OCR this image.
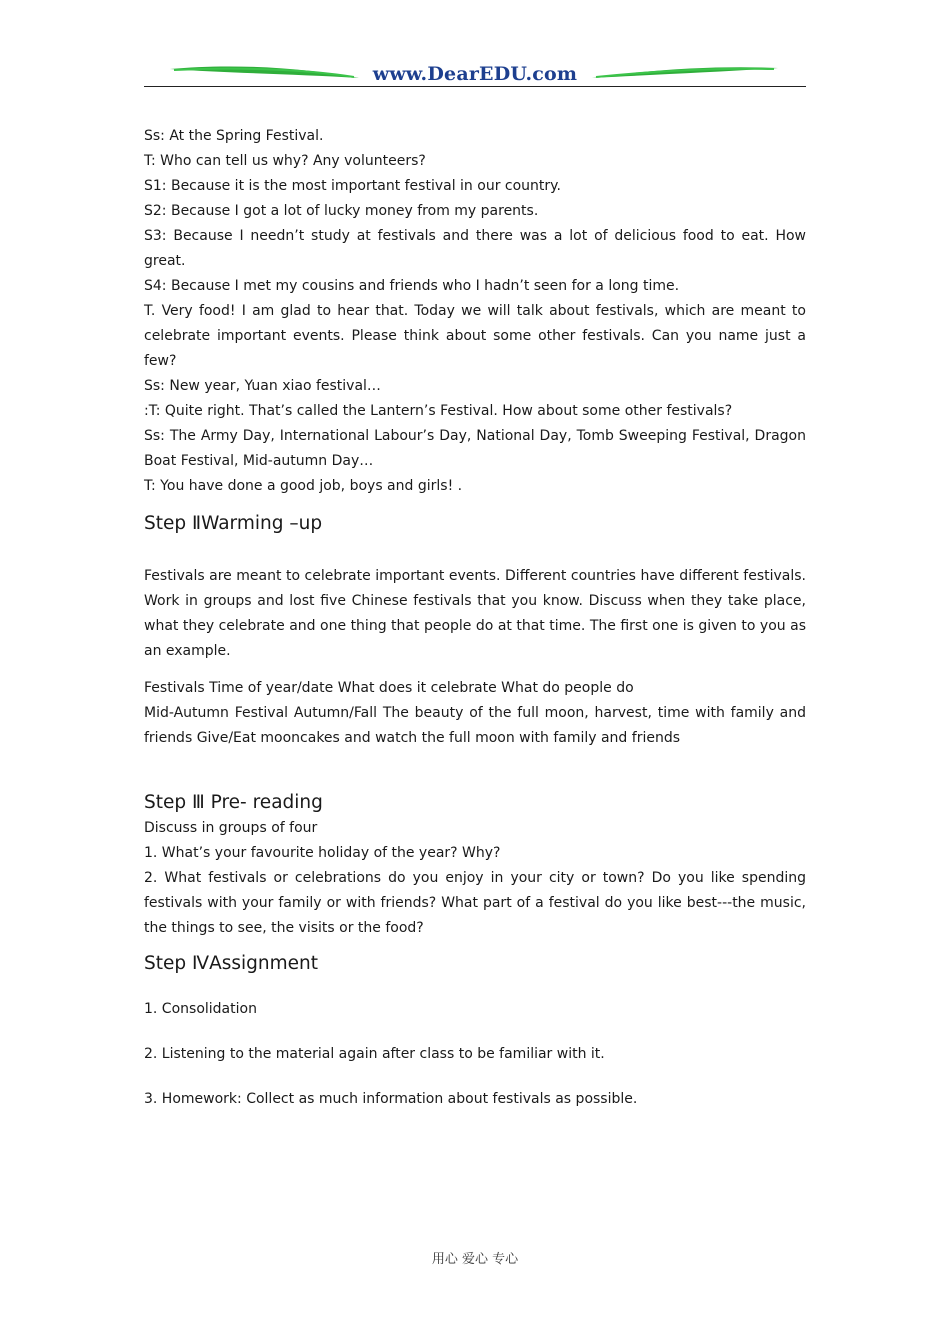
www.DearEDU.com

Ss: At the Spring Festival.

T: Who can tell us why? Any volunteers?

S1: Because it is the most important festival in our country.

S2: Because I got a lot of lucky money from my parents.

S3: Because I needn’t study at festivals and there was a lot of delicious food to eat. How great.

S4: Because I met my cousins and friends who I hadn’t seen for a long time.

T. Very food! I am glad to hear that. Today we will talk about festivals, which are meant to celebrate important events. Please think about some other festivals. Can you name just a few?

Ss: New year, Yuan xiao festival…

:T: Quite right. That’s called the Lantern’s Festival. How about some other festivals?

Ss: The Army Day, International Labour’s Day, National Day, Tomb Sweeping Festival, Dragon Boat Festival, Mid-autumn Day…

T: You have done a good job, boys and girls! .

Step ⅡWarming –up

Festivals are meant to celebrate important events. Different countries have different festivals. Work in groups and lost five Chinese festivals that you know. Discuss when they take place, what they celebrate and one thing that people do at that time. The first one is given to you as an example.

Festivals Time of year/date What does it celebrate What do people do

Mid-Autumn Festival Autumn/Fall The beauty of the full moon, harvest, time with family and friends Give/Eat mooncakes and watch the full moon with family and friends

Step Ⅲ Pre- reading

Discuss in groups of four

1. What’s your favourite holiday of the year? Why?

2. What festivals or celebrations do you enjoy in your city or town? Do you like spending festivals with your family or with friends? What part of a festival do you like best---the music, the things to see, the visits or the food?

Step ⅣAssignment

1. Consolidation

2. Listening to the material again after class to be familiar with it.

3. Homework: Collect as much information about festivals as possible.

用心 爱心 专心
